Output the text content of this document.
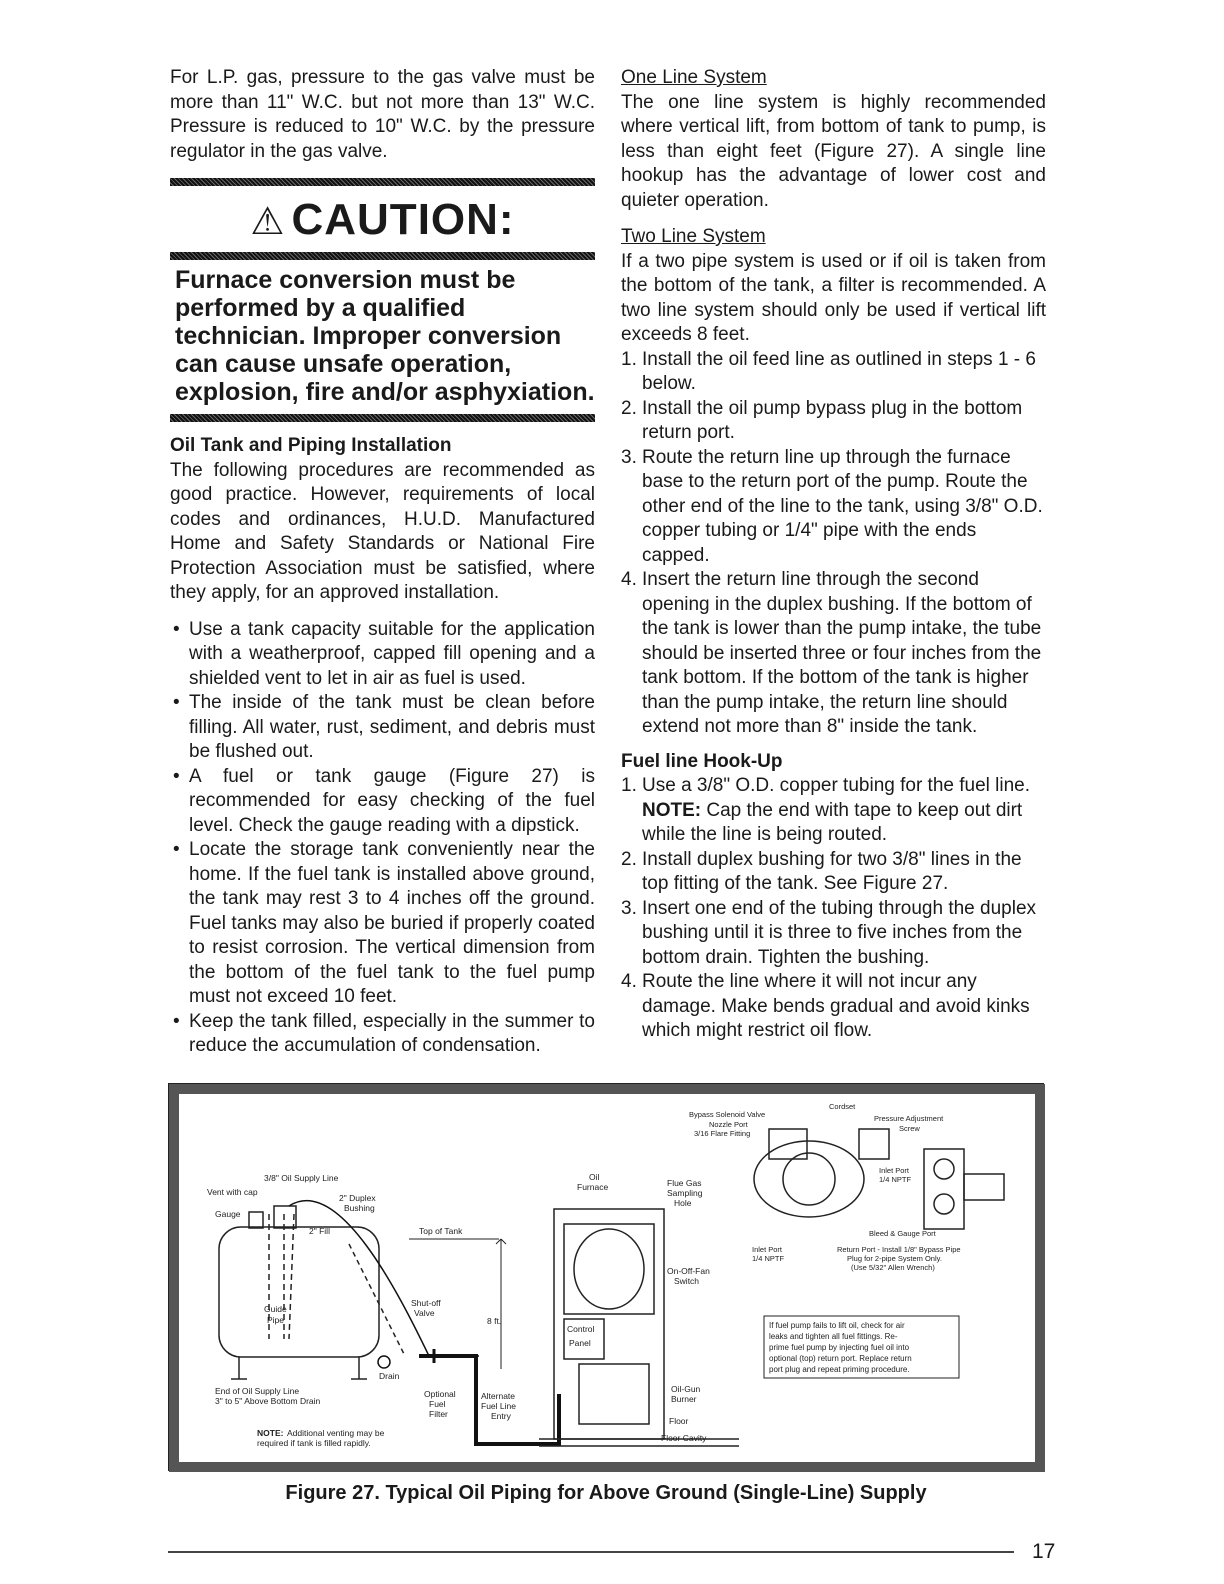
For L.P. gas, pressure to the gas valve must be more than 11" W.C. but not more than 13" W.C. Pressure is reduced to 10" W.C. by the pressure regulator in the gas valve.

⚠ CAUTION:
Furnace conversion must be performed by a qualified technician. Improper conversion can cause unsafe operation, explosion, fire and/or asphyxiation.
Oil Tank and Piping Installation

The following procedures are recommended as good practice. However, requirements of local codes and ordinances, H.U.D. Manufactured Home and Safety Standards or National Fire Protection Association must be satisfied, where they apply, for an approved installation.

• Use a tank capacity suitable for the application with a weatherproof, capped fill opening and a shielded vent to let in air as fuel is used.
• The inside of the tank must be clean before filling. All water, rust, sediment, and debris must be flushed out.
• A fuel or tank gauge (Figure 27) is recommended for easy checking of the fuel level. Check the gauge reading with a dipstick.
• Locate the storage tank conveniently near the home. If the fuel tank is installed above ground, the tank may rest 3 to 4 inches off the ground. Fuel tanks may also be buried if properly coated to resist corrosion. The vertical dimension from the bottom of the fuel tank to the fuel pump must not exceed 10 feet.
• Keep the tank filled, especially in the summer to reduce the accumulation of condensation.
One Line System

The one line system is highly recommended where vertical lift, from bottom of tank to pump, is less than eight feet (Figure 27). A single line hookup has the advantage of lower cost and quieter operation.

Two Line System

If a two pipe system is used or if oil is taken from the bottom of the tank, a filter is recommended. A two line system should only be used if vertical lift exceeds 8 feet.

1. Install the oil feed line as outlined in steps 1 - 6 below.
2. Install the oil pump bypass plug in the bottom return port.
3. Route the return line up through the furnace base to the return port of the pump. Route the other end of the line to the tank, using 3/8" O.D. copper tubing or 1/4" pipe with the ends capped.
4. Insert the return line through the second opening in the duplex bushing. If the bottom of the tank is lower than the pump intake, the tube should be inserted three or four inches from the tank bottom. If the bottom of the tank is higher than the pump intake, the return line should extend not more than 8" inside the tank.
Fuel line Hook-Up
1. Use a 3/8" O.D. copper tubing for the fuel line. NOTE: Cap the end with tape to keep out dirt while the line is being routed.
2. Install duplex bushing for two 3/8" lines in the top fitting of the tank. See Figure 27.
3. Insert one end of the tubing through the duplex bushing until it is three to five inches from the bottom drain. Tighten the bushing.
4. Route the line where it will not incur any damage. Make bends gradual and avoid kinks which might restrict oil flow.
Vent with cap
3/8" Oil Supply Line
2" Duplex
Bushing
Gauge
2" Fill	Top of Tank
Guide
Pipe
Shut-off
Valve
8 ft.
Drain
End of Oil Supply Line
3" to 5" Above Bottom Drain
Optional
Fuel
Filter
Alternate
Fuel Line
Entry
NOTE: Additional venting may be
required if tank is filled rapidly.
Oil
Furnace	Flue Gas
Sampling
Hole
Control
Panel
On-Off-Fan
Switch
Oil-Gun
Burner
Floor
Floor Cavity
Bypass Solenoid Valve
Nozzle Port
3/16 Flare Fitting
Cordset
Pressure Adjustment
Screw
Inlet Port
1/4 NPTF
Bleed & Gauge Port
Inlet Port
1/4 NPTF
Return Port - Install 1/8" Bypass Pipe
Plug for 2-pipe System Only.
(Use 5/32" Allen Wrench)
If fuel pump fails to lift oil, check for air
leaks and tighten all fuel fittings. Re-
prime fuel pump by injecting fuel oil into
optional (top) return port. Replace return
port plug and repeat priming procedure.
Figure 27. Typical Oil Piping for Above Ground (Single-Line) Supply
17
